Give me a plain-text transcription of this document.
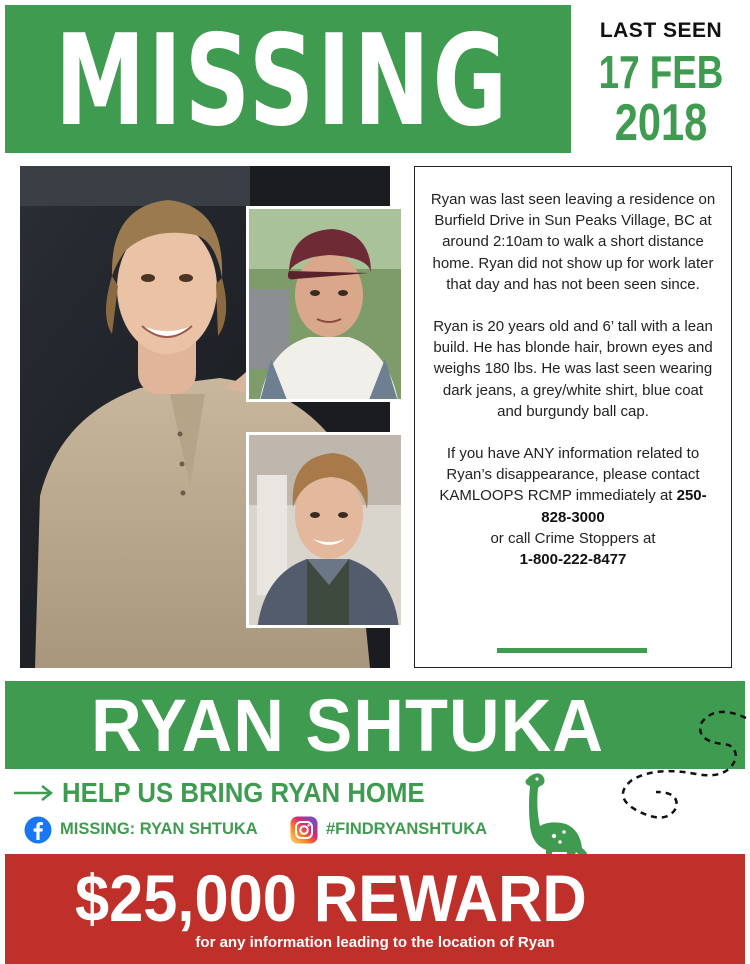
MISSING	LAST SEEN
17 FEB
2018

Ryan was last seen leaving a residence on Burfield Drive in Sun Peaks Village, BC at around 2:10am to walk a short distance home. Ryan did not show up for work later that day and has not been seen since.

Ryan is 20 years old and 6’ tall with a lean build. He has blonde hair, brown eyes and weighs 180 lbs. He was last seen wearing dark jeans, a grey/white shirt, blue coat and burgundy ball cap.

If you have ANY information related to Ryan’s disappearance, please contact KAMLOOPS RCMP immediately at 250-828-3000
or call Crime Stoppers at
1-800-222-8477

RYAN SHTUKA
HELP US BRING RYAN HOME
MISSING: RYAN SHTUKA	#FINDRYANSHTUKA
$25,000 REWARD
for any information leading to the location of Ryan
